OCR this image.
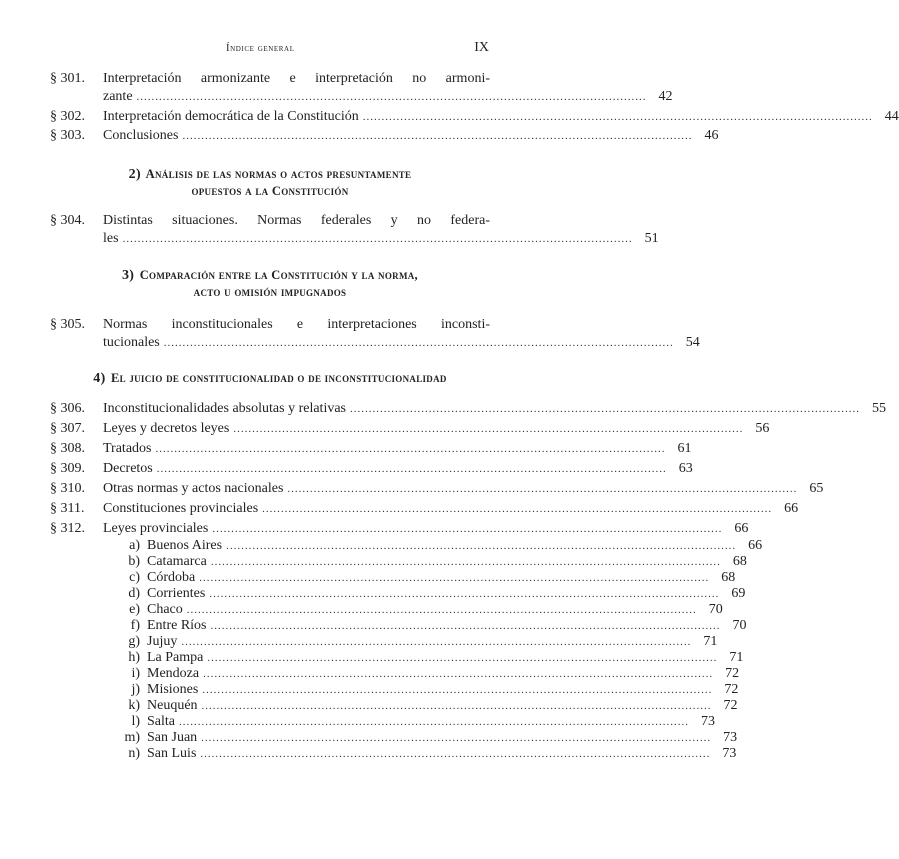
Índice general	IX
§ 301.	Interpretación armonizante e interpretación no armoni-
zante ........................................................................................................................................ 42
§ 302.	Interpretación democrática de la Constitución ........................................................................................................................................ 44
§ 303.	Conclusiones ........................................................................................................................................ 46
2) Análisis de las normas o actos presuntamente
opuestos a la Constitución
§ 304.	Distintas situaciones. Normas federales y no federa-
les ........................................................................................................................................ 51
3) Comparación entre la Constitución y la norma,
acto u omisión impugnados
§ 305.	Normas inconstitucionales e interpretaciones inconsti-
tucionales ........................................................................................................................................ 54
4) El juicio de constitucionalidad o de inconstitucionalidad
§ 306.	Inconstitucionalidades absolutas y relativas ........................................................................................................................................ 55
§ 307.	Leyes y decretos leyes ........................................................................................................................................ 56
§ 308.	Tratados ........................................................................................................................................ 61
§ 309.	Decretos ........................................................................................................................................ 63
§ 310.	Otras normas y actos nacionales ........................................................................................................................................ 65
§ 311.	Constituciones provinciales ........................................................................................................................................ 66
§ 312.	Leyes provinciales ........................................................................................................................................ 66
a) Buenos Aires ........................................................................................................................................ 66
b) Catamarca ........................................................................................................................................ 68
c) Córdoba ........................................................................................................................................ 68
d) Corrientes ........................................................................................................................................ 69
e) Chaco ........................................................................................................................................ 70
f) Entre Ríos ........................................................................................................................................ 70
g) Jujuy ........................................................................................................................................ 71
h) La Pampa ........................................................................................................................................ 71
i) Mendoza ........................................................................................................................................ 72
j) Misiones ........................................................................................................................................ 72
k) Neuquén ........................................................................................................................................ 72
l) Salta ........................................................................................................................................ 73
m) San Juan ........................................................................................................................................ 73
n) San Luis ........................................................................................................................................ 73
